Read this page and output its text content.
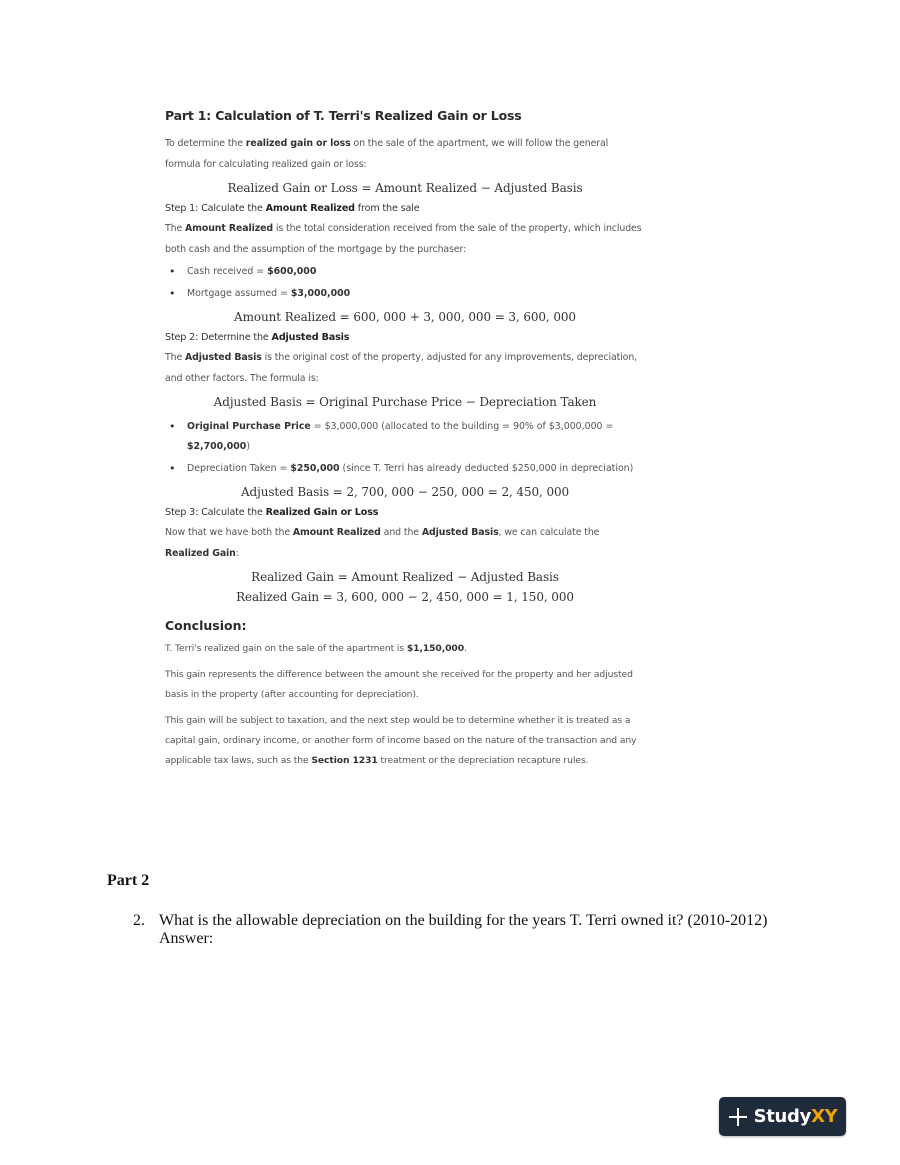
Part 1: Calculation of T. Terri's Realized Gain or Loss

To determine the realized gain or loss on the sale of the apartment, we will follow the general formula for calculating realized gain or loss:

Realized Gain or Loss = Amount Realized − Adjusted Basis
Step 1: Calculate the Amount Realized from the sale

The Amount Realized is the total consideration received from the sale of the property, which includes both cash and the assumption of the mortgage by the purchaser:

• Cash received = $600,000
• Mortgage assumed = $3,000,000
Amount Realized = 600, 000 + 3, 000, 000 = 3, 600, 000
Step 2: Determine the Adjusted Basis

The Adjusted Basis is the original cost of the property, adjusted for any improvements, depreciation, and other factors. The formula is:

Adjusted Basis = Original Purchase Price − Depreciation Taken
• Original Purchase Price = $3,000,000 (allocated to the building = 90% of $3,000,000 = $2,700,000)
• Depreciation Taken = $250,000 (since T. Terri has already deducted $250,000 in depreciation)
Adjusted Basis = 2, 700, 000 − 250, 000 = 2, 450, 000
Step 3: Calculate the Realized Gain or Loss

Now that we have both the Amount Realized and the Adjusted Basis, we can calculate the Realized Gain:

Realized Gain = Amount Realized − Adjusted Basis
Realized Gain = 3, 600, 000 − 2, 450, 000 = 1, 150, 000
Conclusion:

T. Terri's realized gain on the sale of the apartment is $1,150,000.

This gain represents the difference between the amount she received for the property and her adjusted basis in the property (after accounting for depreciation).

This gain will be subject to taxation, and the next step would be to determine whether it is treated as a capital gain, ordinary income, or another form of income based on the nature of the transaction and any applicable tax laws, such as the Section 1231 treatment or the depreciation recapture rules.

Part 2
2. What is the allowable depreciation on the building for the years T. Terri owned it? (2010-2012)
Answer:
StudyXY
